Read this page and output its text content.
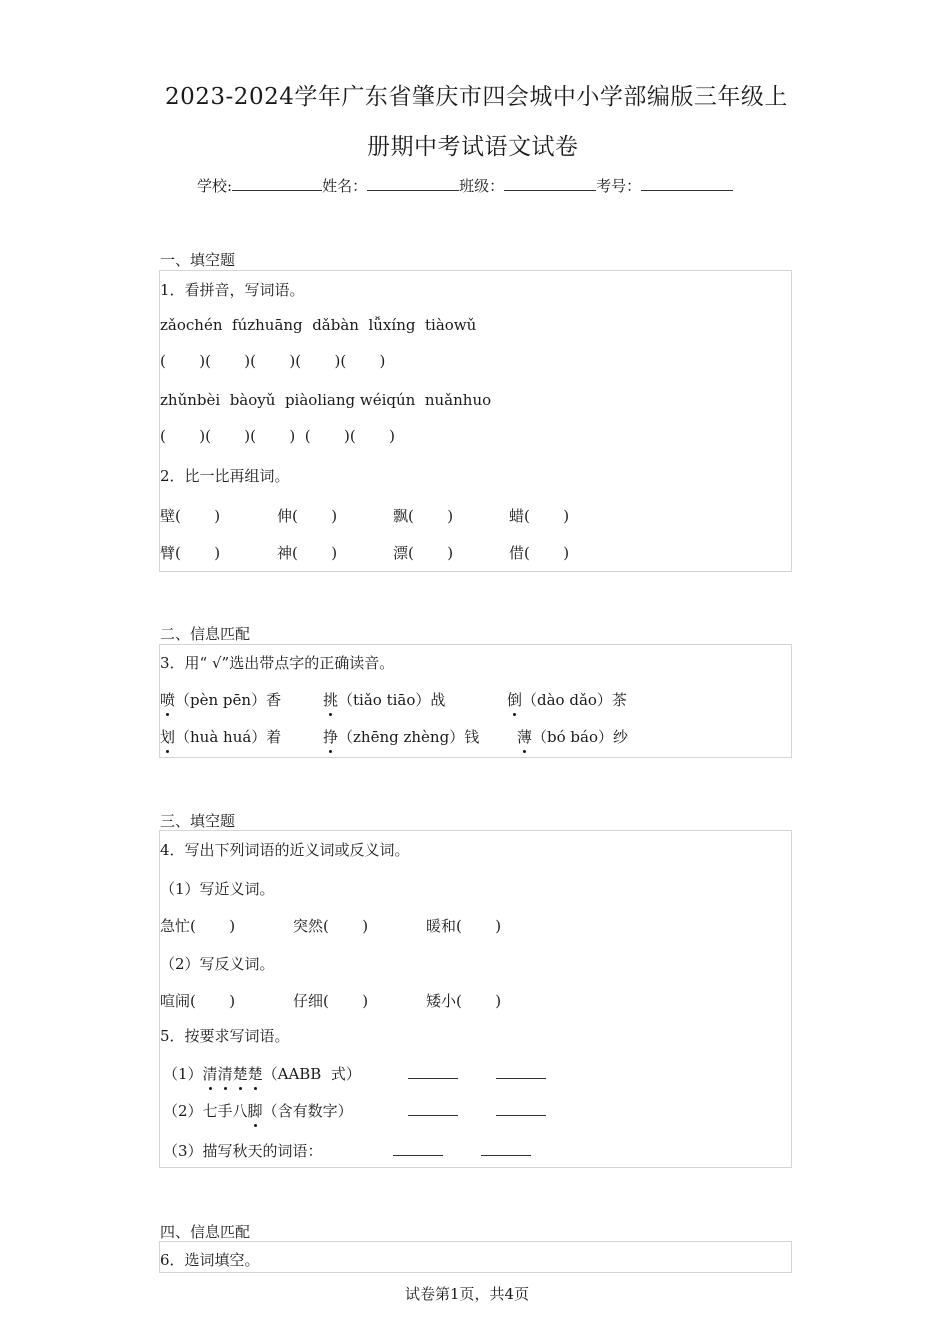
2023-2024学年广东省肇庆市四会城中小学部编版三年级上
册期中考试语文试卷
学校:	姓名：	班级：	考号：
一、填空题
1．看拼音，写词语。
zǎochén  fúzhuāng  dǎbàn  lǚxíng  tiàowǔ
(       )(       )(       )(       )(       )
zhǔnbèi  bàoyǔ  piàoliang wéiqún  nuǎnhuo
(       )(       )(       )  (       )(       )
2．比一比再组词。
壁(       )	伸(       )	飘(       )	蜡(       )
臂(       )	神(       )	漂(       )	借(       )
二、信息匹配
3．用“ √”选出带点字的正确读音。
喷（pèn pēn）香	挑（tiǎo tiāo）战	倒（dào dǎo）茶
划（huà huá）着	挣（zhēng zhèng）钱	薄（bó báo）纱
三、填空题
4．写出下列词语的近义词或反义词。
（1）写近义词。
急忙(       )	突然(       )	暖和(       )
（2）写反义词。
喧闹(       )	仔细(       )	矮小(       )
5．按要求写词语。
（1）清清楚楚（AABB  式）
（2）七手八脚（含有数字）
（3）描写秋天的词语：
四、信息匹配
6．选词填空。
试卷第1页，共4页
